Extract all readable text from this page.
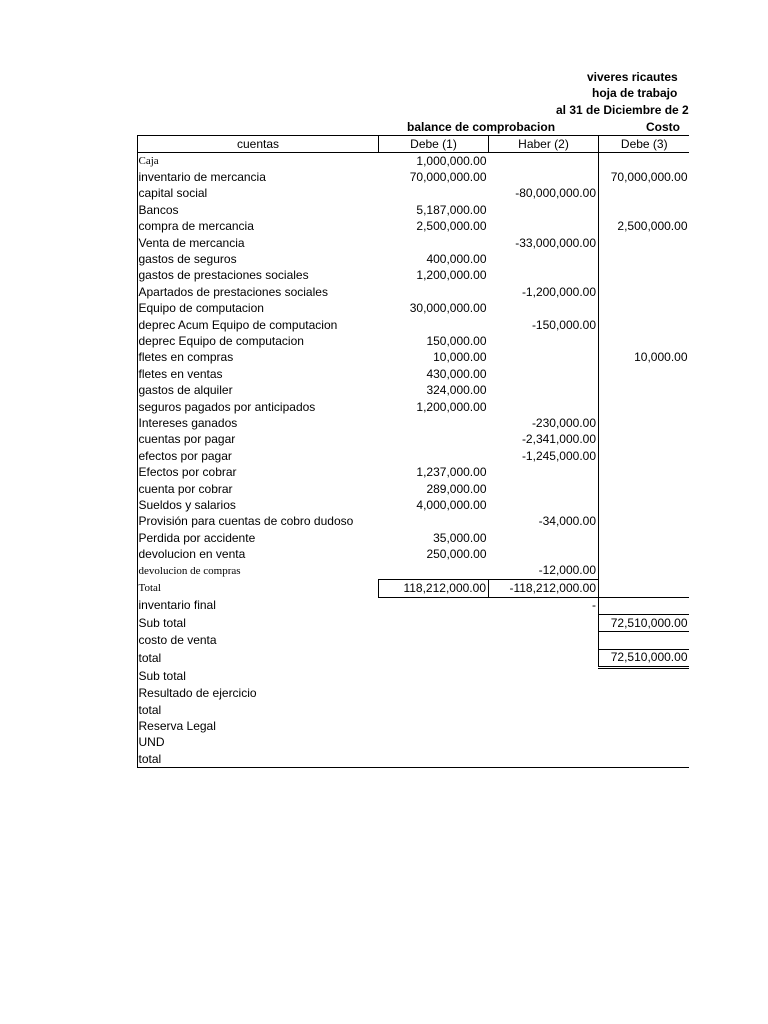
viveres ricautes
hoja de trabajo
al 31 de Diciembre de 2
balance de comprobacion	Costo
cuentas	Debe (1)	Haber (2)	Debe (3)
Caja	1,000,000.00		
inventario de mercancia	70,000,000.00		70,000,000.00
capital social		-80,000,000.00	
Bancos	5,187,000.00		
compra de mercancia	2,500,000.00		2,500,000.00
Venta de mercancia		-33,000,000.00	
gastos de seguros	400,000.00		
gastos de prestaciones sociales	1,200,000.00		
Apartados de prestaciones sociales		-1,200,000.00	
Equipo de computacion	30,000,000.00		
deprec Acum Equipo de computacion		-150,000.00	
deprec Equipo de computacion	150,000.00		
fletes en compras	10,000.00		10,000.00
fletes en ventas	430,000.00		
gastos de alquiler	324,000.00		
seguros pagados por anticipados	1,200,000.00		
Intereses ganados		-230,000.00	
cuentas por pagar		-2,341,000.00	
efectos por pagar		-1,245,000.00	
Efectos por cobrar	1,237,000.00		
cuenta por cobrar	289,000.00		
Sueldos y salarios	4,000,000.00		
Provisión para cuentas de cobro dudoso		-34,000.00	
Perdida por accidente	35,000.00		
devolucion en venta	250,000.00		
devolucion de compras		-12,000.00	
Total	118,212,000.00	-118,212,000.00	
inventario final		-	
Sub total			72,510,000.00
costo de venta			
total			72,510,000.00
Sub total			
Resultado de ejercicio			
total			
Reserva Legal			
UND			
total			
